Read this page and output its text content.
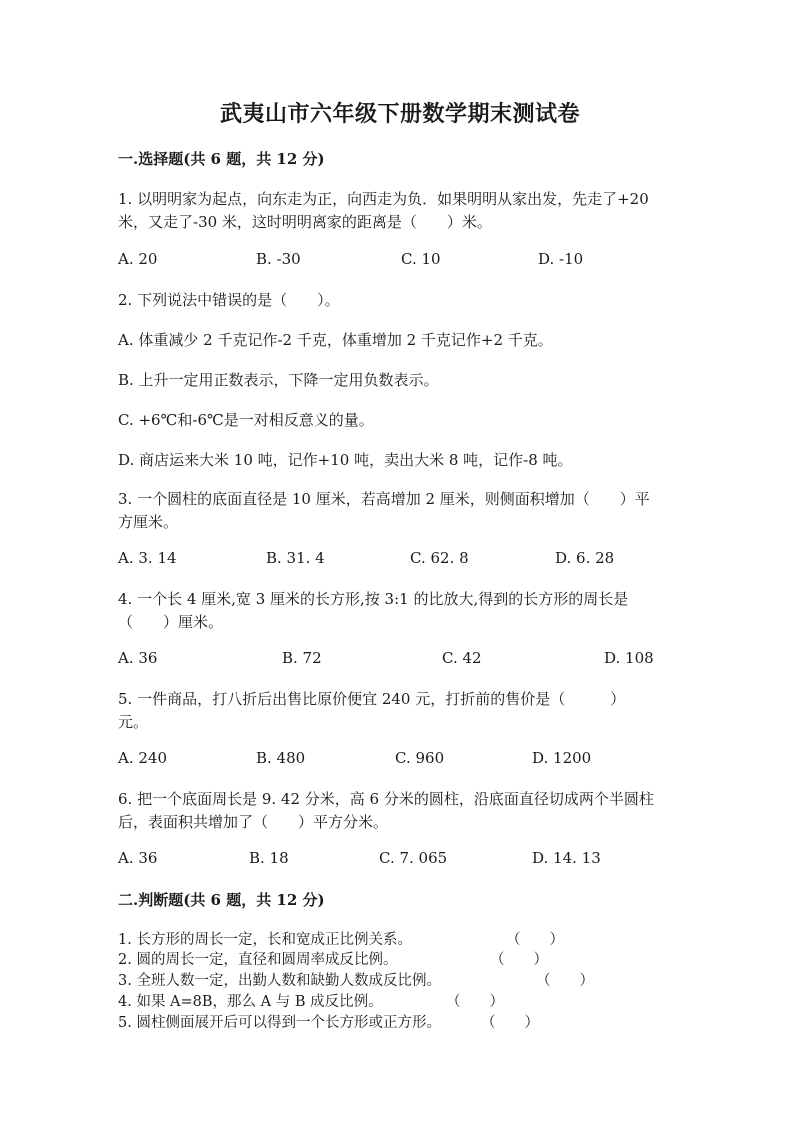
武夷山市六年级下册数学期末测试卷
一.选择题(共 6 题，共 12 分)
1. 以明明家为起点，向东走为正，向西走为负．如果明明从家出发，先走了+20
米，又走了-30 米，这时明明离家的距离是（　　）米。
A. 20	B. -30	C. 10	D. -10
2. 下列说法中错误的是（　　）。
A. 体重减少 2 千克记作-2 千克，体重增加 2 千克记作+2 千克。
B. 上升一定用正数表示，下降一定用负数表示。
C. +6℃和-6℃是一对相反意义的量。
D. 商店运来大米 10 吨，记作+10 吨，卖出大米 8 吨，记作-8 吨。
3. 一个圆柱的底面直径是 10 厘米，若高增加 2 厘米，则侧面积增加（　　）平
方厘米。
A. 3. 14	B. 31. 4	C. 62. 8	D. 6. 28
4. 一个长 4 厘米,宽 3 厘米的长方形,按 3:1 的比放大,得到的长方形的周长是
（　　）厘米。
A. 36	B. 72	C. 42	D. 108
5. 一件商品，打八折后出售比原价便宜 240 元，打折前的售价是（　　　）
元。
A. 240	B. 480	C. 960	D. 1200
6. 把一个底面周长是 9. 42 分米，高 6 分米的圆柱，沿底面直径切成两个半圆柱
后，表面积共增加了（　　）平方分米。
A. 36	B. 18	C. 7. 065	D. 14. 13
二.判断题(共 6 题，共 12 分)
1. 长方形的周长一定，长和宽成正比例关系。	（　　）
2. 圆的周长一定，直径和圆周率成反比例。	（　　）
3. 全班人数一定，出勤人数和缺勤人数成反比例。	（　　）
4. 如果 A=8B，那么 A 与 B 成反比例。	（　　）
5. 圆柱侧面展开后可以得到一个长方形或正方形。	（　　）
